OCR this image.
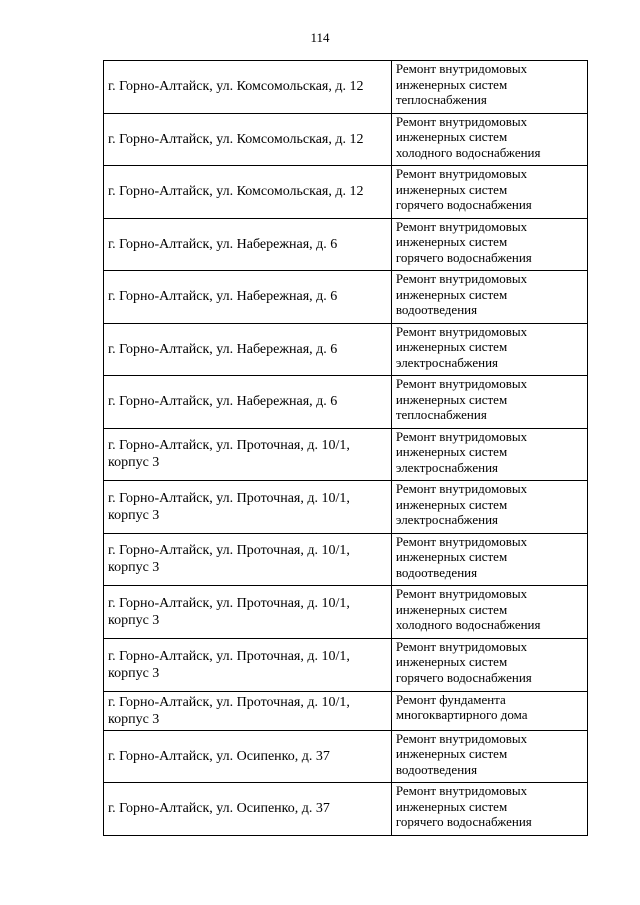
114
г. Горно-Алтайск, ул. Комсомольская, д. 12	Ремонт внутридомовых
инженерных систем
теплоснабжения

г. Горно-Алтайск, ул. Комсомольская, д. 12	Ремонт внутридомовых
инженерных систем
холодного водоснабжения

г. Горно-Алтайск, ул. Комсомольская, д. 12	Ремонт внутридомовых
инженерных систем
горячего водоснабжения

г. Горно-Алтайск, ул. Набережная, д. 6	Ремонт внутридомовых
инженерных систем
горячего водоснабжения

г. Горно-Алтайск, ул. Набережная, д. 6	Ремонт внутридомовых
инженерных систем
водоотведения

г. Горно-Алтайск, ул. Набережная, д. 6	Ремонт внутридомовых
инженерных систем
электроснабжения

г. Горно-Алтайск, ул. Набережная, д. 6	Ремонт внутридомовых
инженерных систем
теплоснабжения

г. Горно-Алтайск, ул. Проточная, д. 10/1, корпус 3	Ремонт внутридомовых
инженерных систем
электроснабжения

г. Горно-Алтайск, ул. Проточная, д. 10/1, корпус 3	Ремонт внутридомовых
инженерных систем
электроснабжения

г. Горно-Алтайск, ул. Проточная, д. 10/1, корпус 3	Ремонт внутридомовых
инженерных систем
водоотведения

г. Горно-Алтайск, ул. Проточная, д. 10/1, корпус 3	Ремонт внутридомовых
инженерных систем
холодного водоснабжения

г. Горно-Алтайск, ул. Проточная, д. 10/1, корпус 3	Ремонт внутридомовых
инженерных систем
горячего водоснабжения

г. Горно-Алтайск, ул. Проточная, д. 10/1, корпус 3	Ремонт фундамента
многоквартирного дома

г. Горно-Алтайск, ул. Осипенко, д. 37	Ремонт внутридомовых
инженерных систем
водоотведения

г. Горно-Алтайск, ул. Осипенко, д. 37	Ремонт внутридомовых
инженерных систем
горячего водоснабжения
